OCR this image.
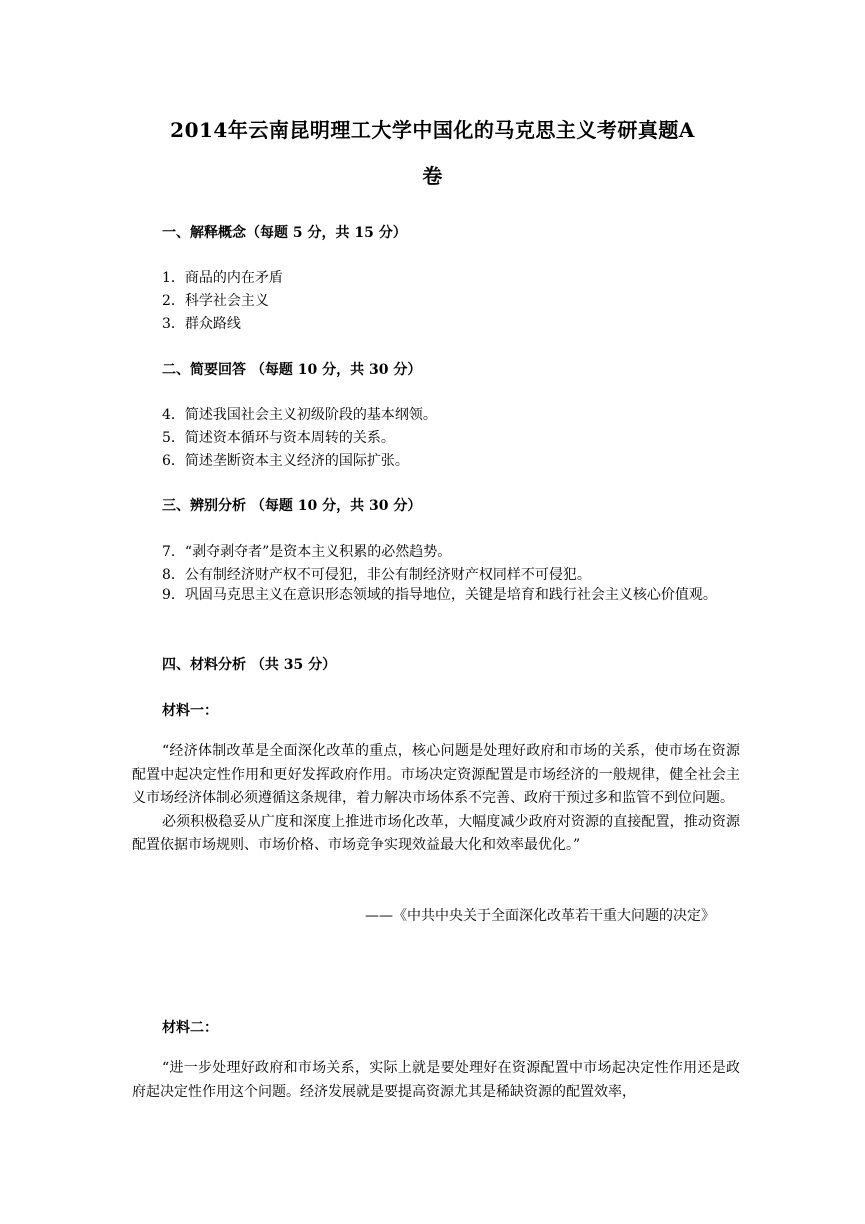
2014年云南昆明理工大学中国化的马克思主义考研真题A
卷
一、解释概念（每题 5 分，共 15 分）
1．商品的内在矛盾
2．科学社会主义
3．群众路线
二、简要回答 （每题 10 分，共 30 分）
4．简述我国社会主义初级阶段的基本纲领。
5．简述资本循环与资本周转的关系。
6．简述垄断资本主义经济的国际扩张。
三、辨别分析 （每题 10 分，共 30 分）
7．“剥夺剥夺者”是资本主义积累的必然趋势。
8．公有制经济财产权不可侵犯，非公有制经济财产权同样不可侵犯。

9．巩固马克思主义在意识形态领域的指导地位，关键是培育和践行社会主义核心价值观。

四、材料分析 （共 35 分）
材料一：

“经济体制改革是全面深化改革的重点，核心问题是处理好政府和市场的关系，使市场在资源配置中起决定性作用和更好发挥政府作用。市场决定资源配置是市场经济的一般规律，健全社会主义市场经济体制必须遵循这条规律，着力解决市场体系不完善、政府干预过多和监管不到位问题。

必须积极稳妥从广度和深度上推进市场化改革，大幅度减少政府对资源的直接配置，推动资源配置依据市场规则、市场价格、市场竞争实现效益最大化和效率最优化。”

——《中共中央关于全面深化改革若干重大问题的决定》
材料二：

“进一步处理好政府和市场关系，实际上就是要处理好在资源配置中市场起决定性作用还是政府起决定性作用这个问题。经济发展就是要提高资源尤其是稀缺资源的配置效率，
